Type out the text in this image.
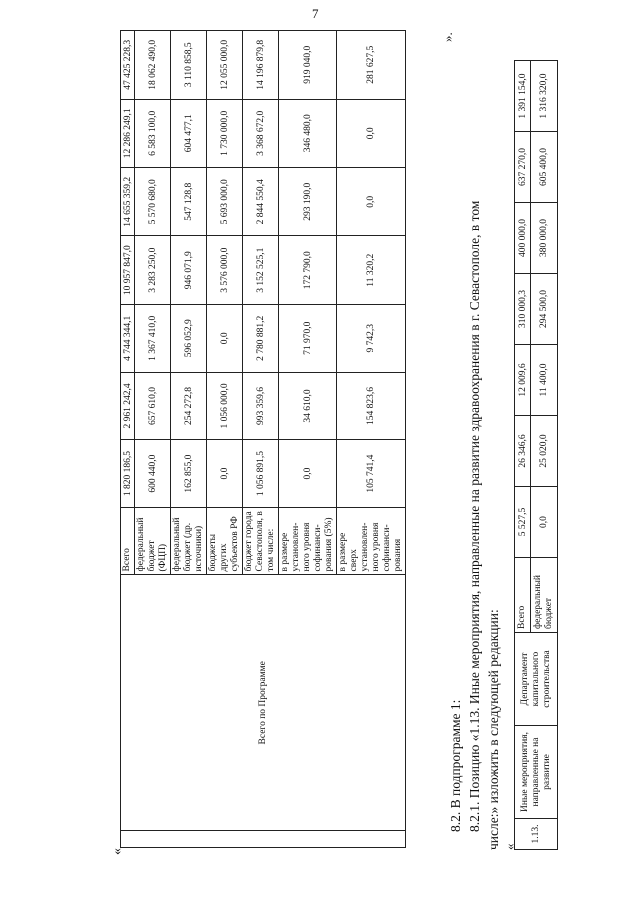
7
«
	Всего по Программе	Всего	1 820 186,5	2 961 242,4	4 744 344,1	10 957 847,0	14 655 359,2	12 286 249,1	47 425 228,3
		федеральный бюджет (ФЦП)	600 440,0	657 610,0	1 367 410,0	3 283 250,0	5 570 680,0	6 583 100,0	18 062 490,0
		федеральный бюджет (др. источники)	162 855,0	254 272,8	596 052,9	946 071,9	547 128,8	604 477,1	3 110 858,5
		бюджеты других субъектов РФ	0,0	1 056 000,0	0,0	3 576 000,0	5 693 000,0	1 730 000,0	12 055 000,0
		бюджет города Севастополя, в том числе:	1 056 891,5	993 359,6	2 780 881,2	3 152 525,1	2 844 550,4	3 368 672,0	14 196 879,8
		в размере установлен-ного уровня софинанси-рования (5%)	0,0	34 610,0	71 970,0	172 790,0	293 190,0	346 480,0	919 040,0
		в размере сверх установлен-ного уровня софинанси-рования	105 741,4	154 823,6	9 742,3	11 320,2	0,0	0,0	281 627,5
».
8.2. В подпрограмме 1: 8.2.1. Позицию «1.13. Иные мероприятия, направленные на развитие здравоохранения в г. Севастополе, в том числе:» изложить в следующей редакции: «
1.13.	Иные мероприятия, направленные на развитие	Департамент капитального строительства	Всего	5 527,5	26 346,6	12 009,6	310 000,3	400 000,0	637 270,0	1 391 154,0
			федеральный бюджет	0,0	25 020,0	11 400,0	294 500,0	380 000,0	605 400,0	1 316 320,0
